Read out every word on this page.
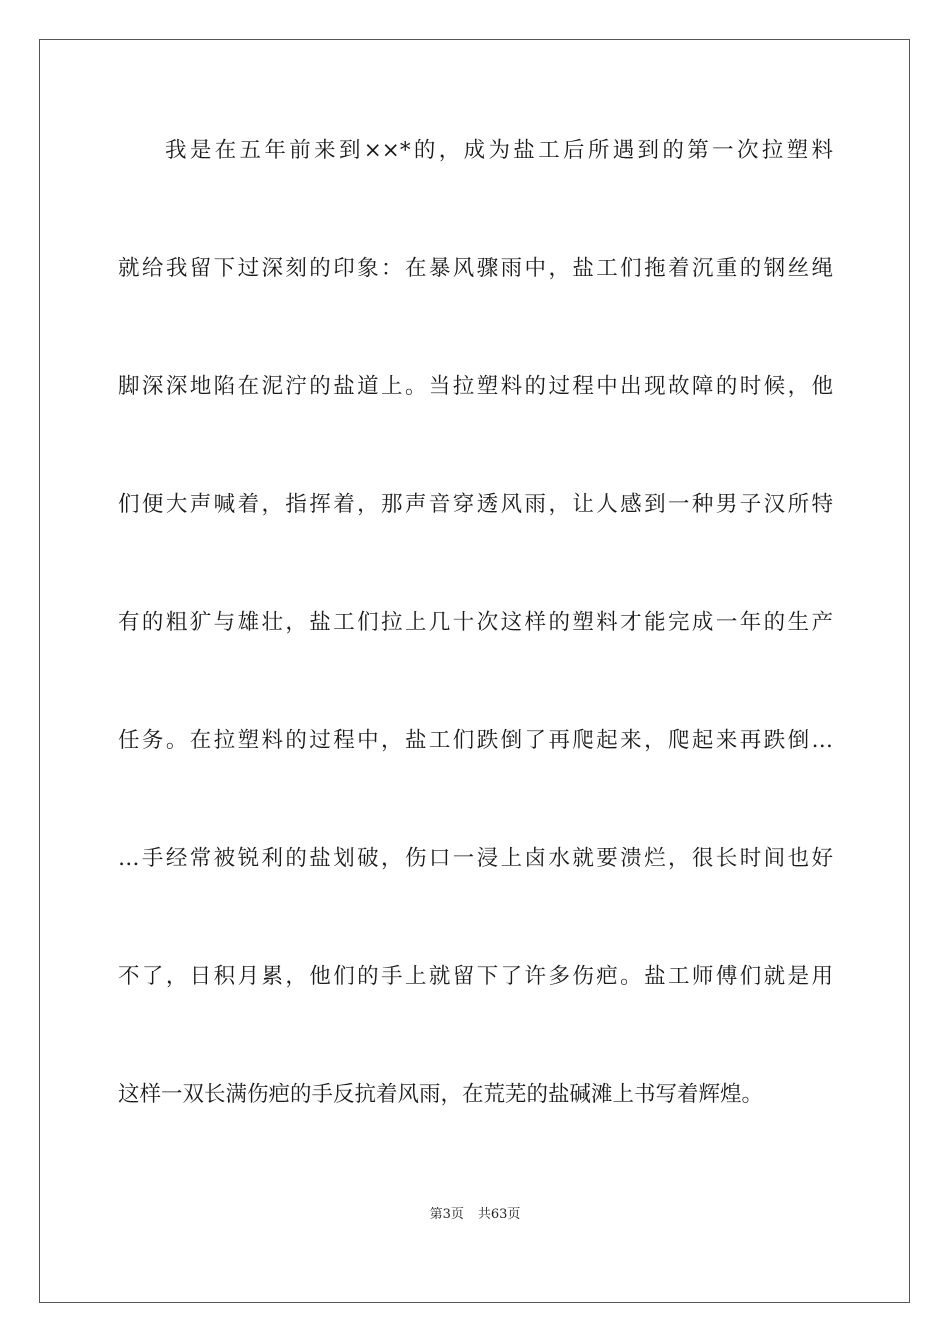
我是在五年前来到××*的，成为盐工后所遇到的第一次拉塑料
就给我留下过深刻的印象：在暴风骤雨中，盐工们拖着沉重的钢丝绳
脚深深地陷在泥泞的盐道上。当拉塑料的过程中出现故障的时候，他
们便大声喊着，指挥着，那声音穿透风雨，让人感到一种男子汉所特
有的粗犷与雄壮，盐工们拉上几十次这样的塑料才能完成一年的生产
任务。在拉塑料的过程中，盐工们跌倒了再爬起来，爬起来再跌倒…
…手经常被锐利的盐划破，伤口一浸上卤水就要溃烂，很长时间也好
不了，日积月累，他们的手上就留下了许多伤疤。盐工师傅们就是用
这样一双长满伤疤的手反抗着风雨，在荒芜的盐碱滩上书写着辉煌。
第3页 共63页
